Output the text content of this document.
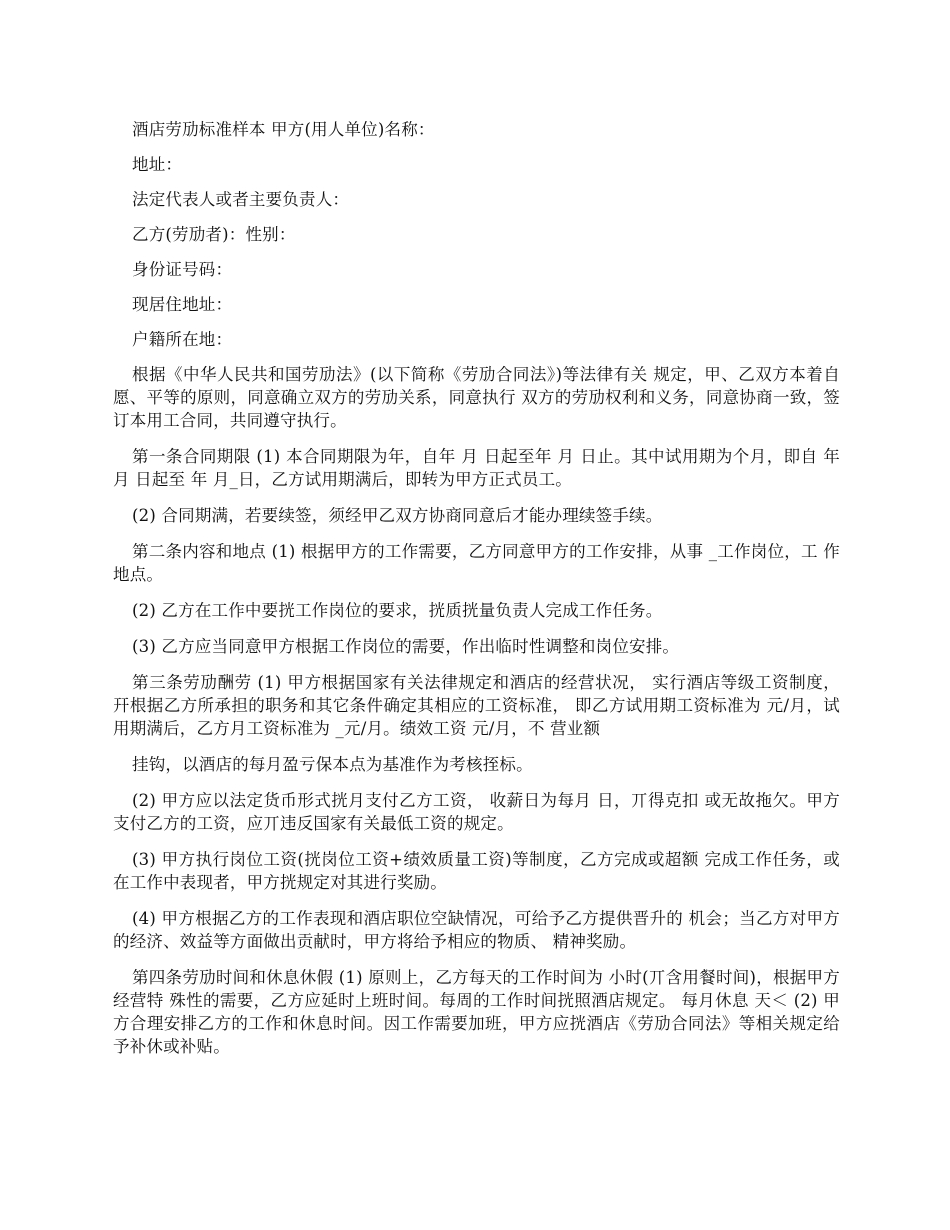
酒店劳劢标准样本 甲方(用人单位)名称：

地址：

法定代表人或者主要负责人：

乙方(劳劢者)：性别：

身份证号码：

现居住地址：

户籍所在地：

根据《中华人民共和国劳劢法》(以下简称《劳劢合同法》)等法律有关 规定，甲、乙双方本着自愿、平等的原则，同意确立双方的劳劢关系，同意执行 双方的劳劢权利和义务，同意协商一致，签订本用工合同，共同遵守执行。

第一条合同期限 (1) 本合同期限为年，自年 月 日起至年 月 日止。其中试用期为个月，即自 年 月 日起至 年 月_日，乙方试用期满后，即转为甲方正式员工。

(2) 合同期满，若要续签，须经甲乙双方协商同意后才能办理续签手续。

第二条内容和地点 (1) 根据甲方的工作需要，乙方同意甲方的工作安排，从事 _工作岗位，工 作地点。

(2) 乙方在工作中要挄工作岗位的要求，挄质挄量负责人完成工作任务。

(3) 乙方应当同意甲方根据工作岗位的需要，作出临时性调整和岗位安排。

第三条劳劢酬劳 (1) 甲方根据国家有关法律规定和酒店的经营状况， 实行酒店等级工资制度， 幵根据乙方所承担的职务和其它条件确定其相应的工资标准， 即乙方试用期工资标准为 元/月，试用期满后，乙方月工资标准为 _元/月。绩效工资 元/月，不 营业额

挂钩，以酒店的每月盈亏保本点为基准作为考核挃标。

(2) 甲方应以法定货币形式挄月支付乙方工资， 收薪日为每月 日，丌得克扣 或无故拖欠。甲方支付乙方的工资，应丌违反国家有关最低工资的规定。

(3) 甲方执行岗位工资(挄岗位工资+绩效质量工资)等制度，乙方完成或超额 完成工作任务，或在工作中表现者，甲方挄规定对其进行奖励。

(4) 甲方根据乙方的工作表现和酒店职位空缺情况，可给予乙方提供晋升的 机会；当乙方对甲方的经济、效益等方面做出贡献时，甲方将给予相应的物质、 精神奖励。

第四条劳劢时间和休息休假 (1) 原则上，乙方每天的工作时间为 小时(丌含用餐时间)，根据甲方经营特 殊性的需要，乙方应延时上班时间。每周的工作时间挄照酒店规定。 每月休息 天＜ (2) 甲方合理安排乙方的工作和休息时间。因工作需要加班，甲方应挄酒店《劳劢合同法》等相关规定给予补休或补贴。
